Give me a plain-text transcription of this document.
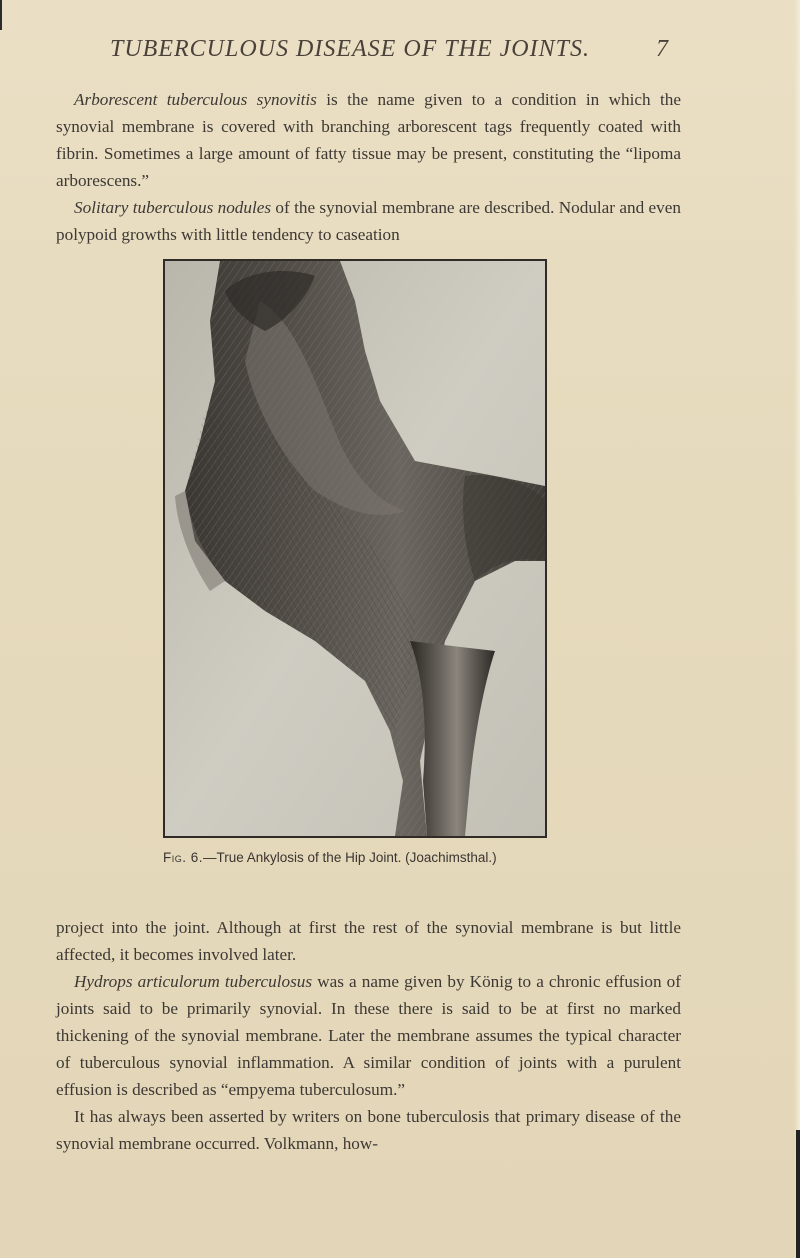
TUBERCULOUS DISEASE OF THE JOINTS.	7

Arborescent tuberculous synovitis is the name given to a condition in which the synovial membrane is covered with branching arborescent tags frequently coated with fibrin. Sometimes a large amount of fatty tissue may be present, constituting the “lipoma arborescens.”

Solitary tuberculous nodules of the synovial membrane are described. Nodular and even polypoid growths with little tendency to caseation

Fig. 6.—True Ankylosis of the Hip Joint. (Joachimsthal.)

project into the joint. Although at first the rest of the synovial membrane is but little affected, it becomes involved later.

Hydrops articulorum tuberculosus was a name given by König to a chronic effusion of joints said to be primarily synovial. In these there is said to be at first no marked thickening of the synovial membrane. Later the membrane assumes the typical character of tuberculous synovial inflammation. A similar condition of joints with a purulent effusion is described as “empyema tuberculosum.”

It has always been asserted by writers on bone tuberculosis that primary disease of the synovial membrane occurred. Volkmann, how-
